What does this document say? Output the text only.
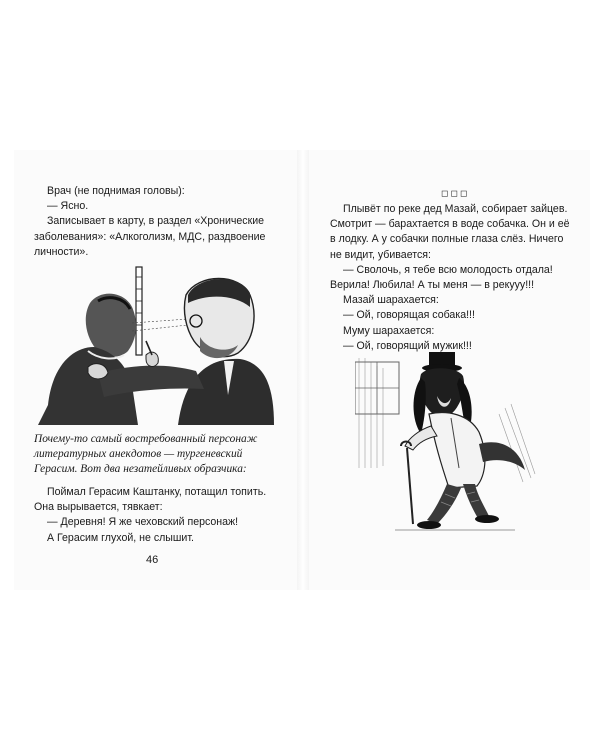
Врач (не поднимая головы):

— Ясно.

Записывает в карту, в раздел «Хронические заболевания»: «Алкоголизм, МДС, раздвоение личности».

Почему-то самый востребованный персонаж литературных анекдотов — тургеневский Герасим. Вот два незатейливых образчика:

Поймал Герасим Каштанку, потащил топить. Она вырывается, тявкает:

— Деревня! Я же чеховский персонаж!

А Герасим глухой, не слышит.

46
◻◻◻

Плывёт по реке дед Мазай, собирает зайцев. Смотрит — барахтается в воде собачка. Он и её в лодку. А у собачки полные глаза слёз. Ничего не видит, убивается:

— Сволочь, я тебе всю молодость отдала! Верила! Любила! А ты меня — в рекууу!!!

Мазай шарахается:

— Ой, говорящая собака!!!

Муму шарахается:

— Ой, говорящий мужик!!!
